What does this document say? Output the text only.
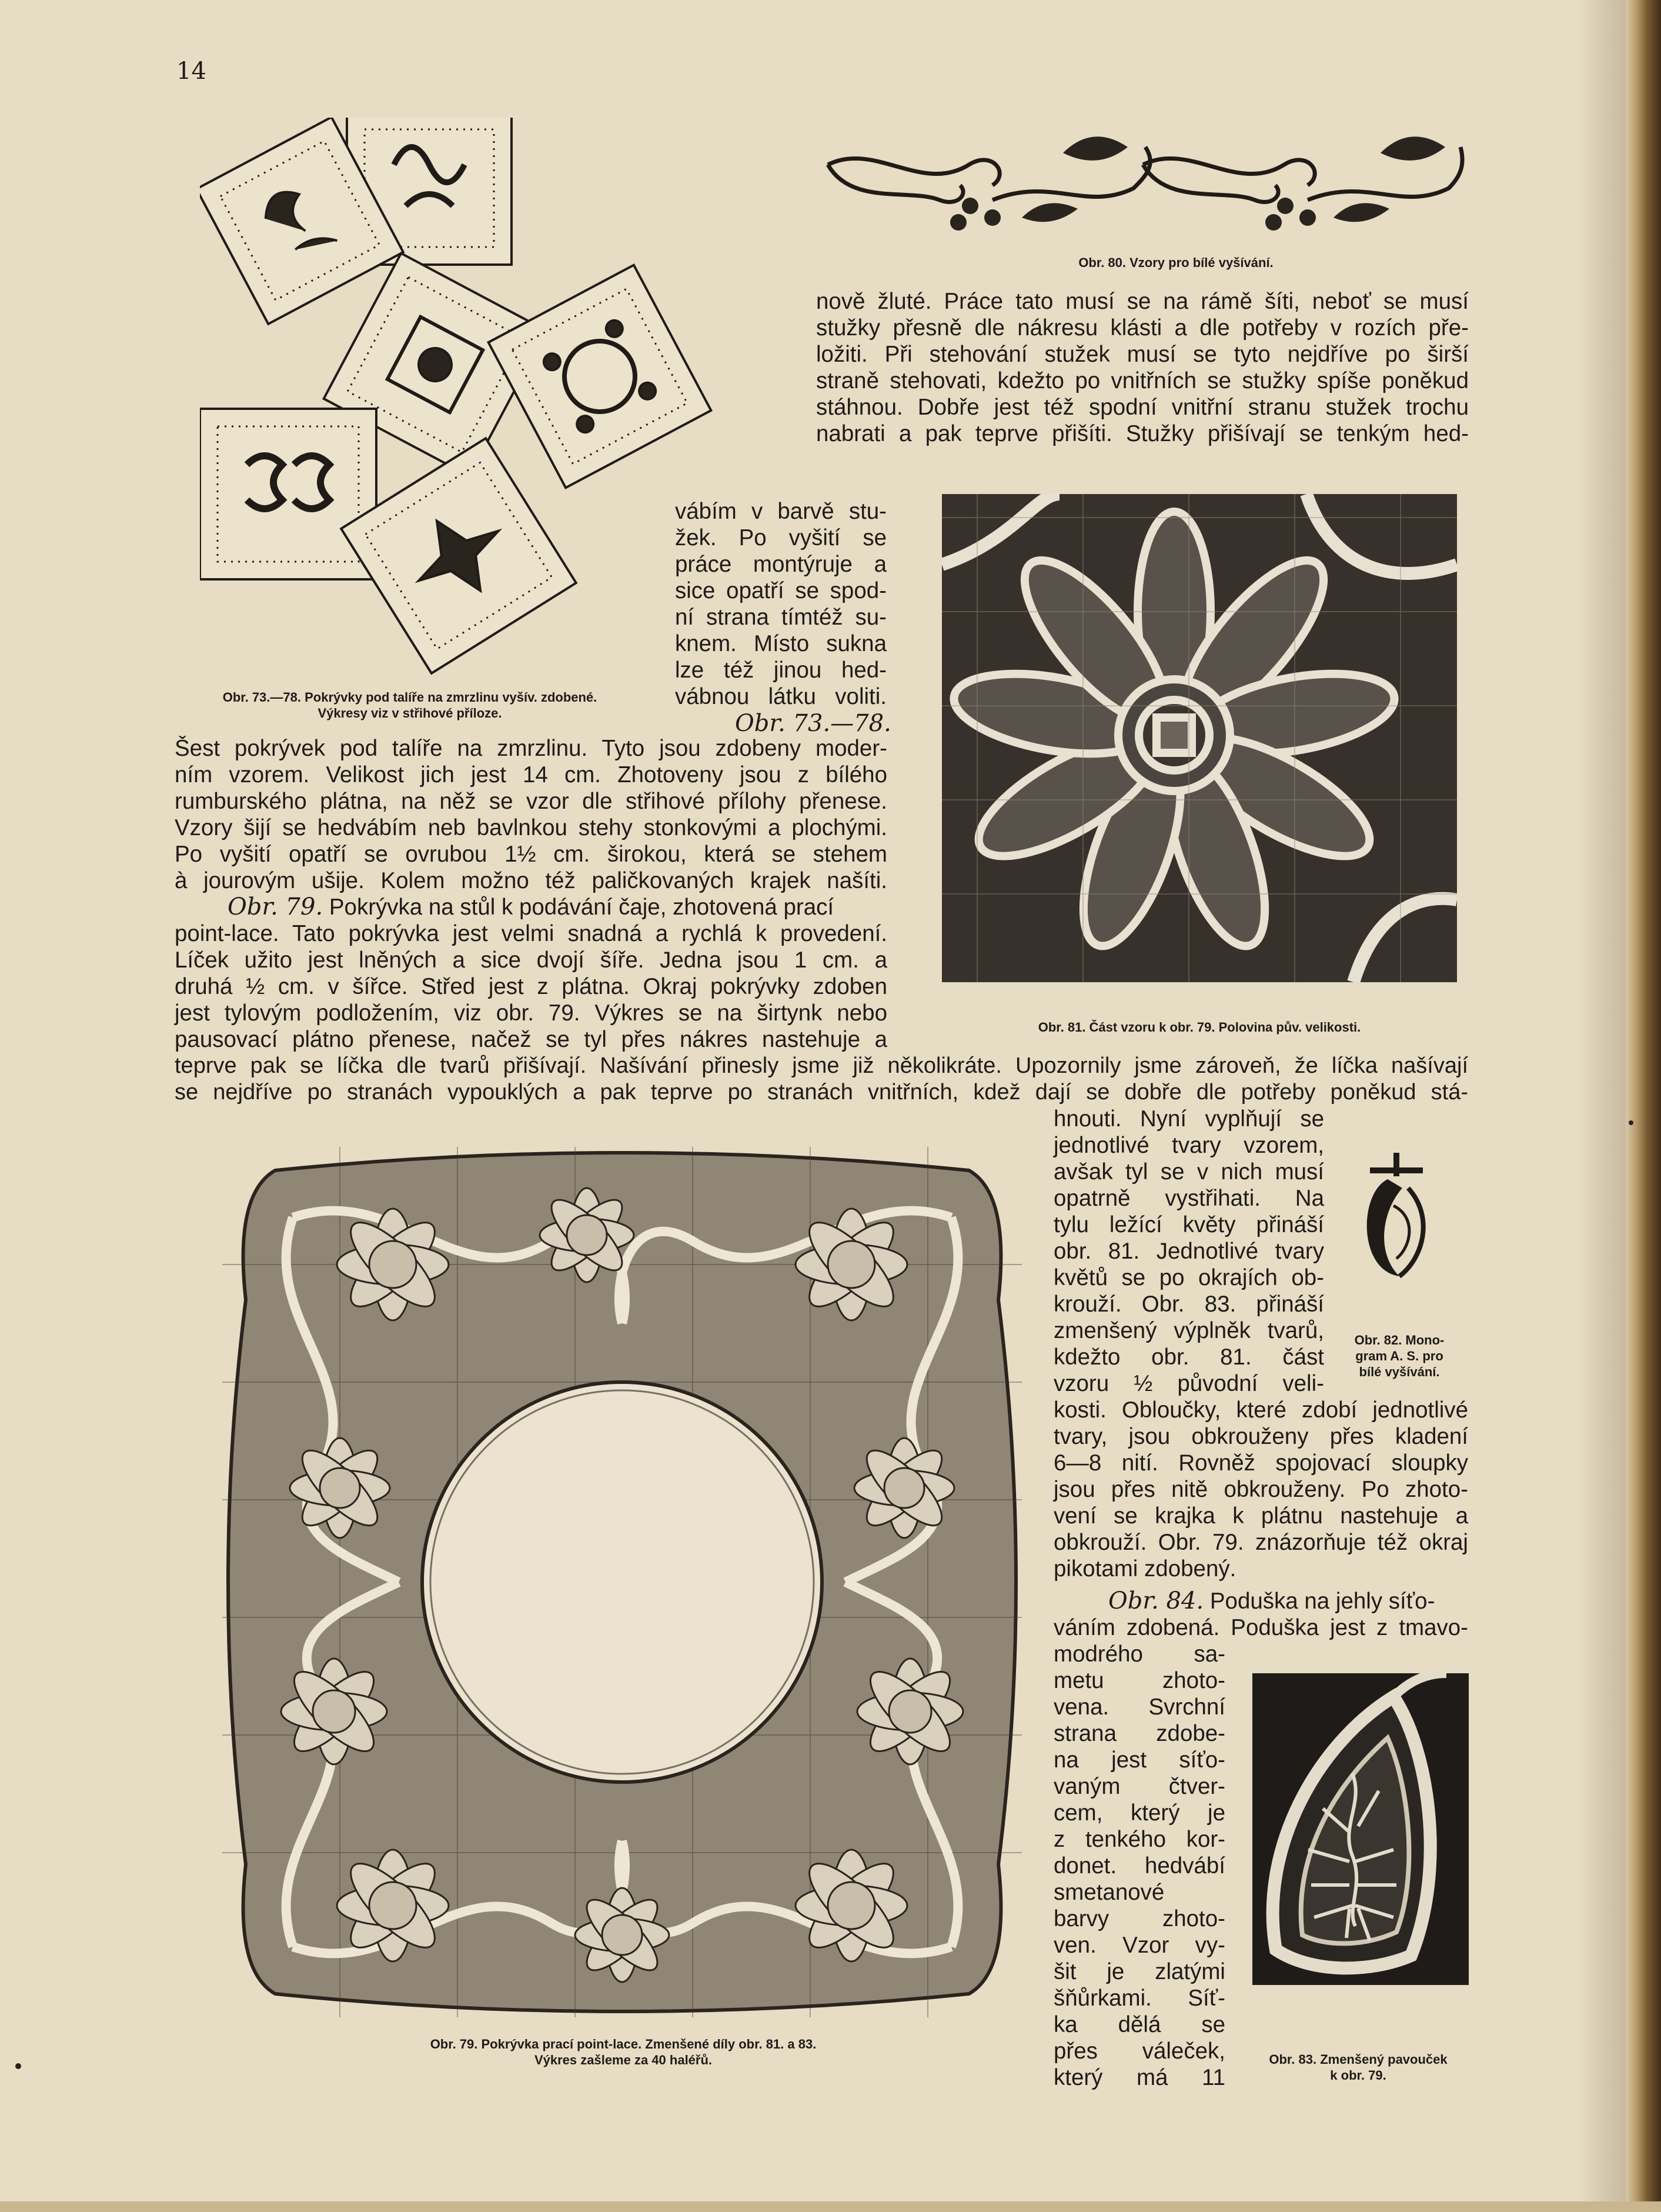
14
Obr. 73.—78. Pokrývky pod talíře na zmrzlinu vyšív. zdobené.
Výkresy viz v střihové příloze.
Obr. 80. Vzory pro bílé vyšívání.
nově žluté. Práce tato musí se na rámě šíti, neboť se musí
stužky přesně dle nákresu klásti a dle potřeby v rozích pře-
ložiti. Při stehování stužek musí se tyto nejdříve po širší
straně stehovati, kdežto po vnitřních se stužky spíše poněkud
stáhnou. Dobře jest též spodní vnitřní stranu stužek trochu
nabrati a pak teprve přišíti. Stužky přišívají se tenkým hed-
vábím v barvě stu-
žek. Po vyšití se
práce montýruje a
sice opatří se spod-
ní strana tímtéž su-
knem. Místo sukna
lze též jinou hed-
vábnou látku voliti.
Obr. 73.—78.
Obr. 81. Část vzoru k obr. 79. Polovina pův. velikosti.
Šest pokrývek pod talíře na zmrzlinu. Tyto jsou zdobeny moder-
ním vzorem. Velikost jich jest 14 cm. Zhotoveny jsou z bílého
rumburského plátna, na něž se vzor dle střihové přílohy přenese.
Vzory šijí se hedvábím neb bavlnkou stehy stonkovými a plochými.
Po vyšití opatří se ovrubou 1½ cm. širokou, která se stehem
à jourovým ušije. Kolem možno též paličkovaných krajek našíti.
Obr. 79. Pokrývka na stůl k podávání čaje, zhotovená prací
point-lace. Tato pokrývka jest velmi snadná a rychlá k provedení.
Líček užito jest lněných a sice dvojí šíře. Jedna jsou 1 cm. a
druhá ½ cm. v šířce. Střed jest z plátna. Okraj pokrývky zdoben
jest tylovým podložením, viz obr. 79. Výkres se na širtynk nebo
pausovací plátno přenese, načež se tyl přes nákres nastehuje a
teprve pak se líčka dle tvarů přišívají. Našívání přinesly jsme již několikráte. Upozornily jsme zároveň, že líčka našívají
se nejdříve po stranách vypouklých a pak teprve po stranách vnitřních, kdež dají se dobře dle potřeby poněkud stá-
Obr. 79. Pokrývka prací point-lace. Zmenšené díly obr. 81. a 83.
Výkres zašleme za 40 haléřů.
hnouti. Nyní vyplňují se
jednotlivé tvary vzorem,
avšak tyl se v nich musí
opatrně vystřihati. Na
tylu ležící květy přináší
obr. 81. Jednotlivé tvary
květů se po okrajích ob-
krouží. Obr. 83. přináší
zmenšený výplněk tvarů,
kdežto obr. 81. část
vzoru ½ původní veli-
Obr. 82. Mono-
gram A. S. pro
bílé vyšívání.
kosti. Obloučky, které zdobí jednotlivé
tvary, jsou obkrouženy přes kladení
6—8 nití. Rovněž spojovací sloupky
jsou přes nitě obkrouženy. Po zhoto-
vení se krajka k plátnu nastehuje a
obkrouží. Obr. 79. znázorňuje též okraj
pikotami zdobený.
Obr. 84. Poduška na jehly síťo-
váním zdobená. Poduška jest z tmavo-
modrého sa-
metu zhoto-
vena. Svrchní
strana zdobe-
na jest síťo-
vaným čtver-
cem, který je
z tenkého kor-
donet. hedvábí
smetanové
barvy zhoto-
ven. Vzor vy-
šit je zlatými
šňůrkami. Síť-
ka dělá se
přes váleček,
který má 11
Obr. 83. Zmenšený pavouček
k obr. 79.
